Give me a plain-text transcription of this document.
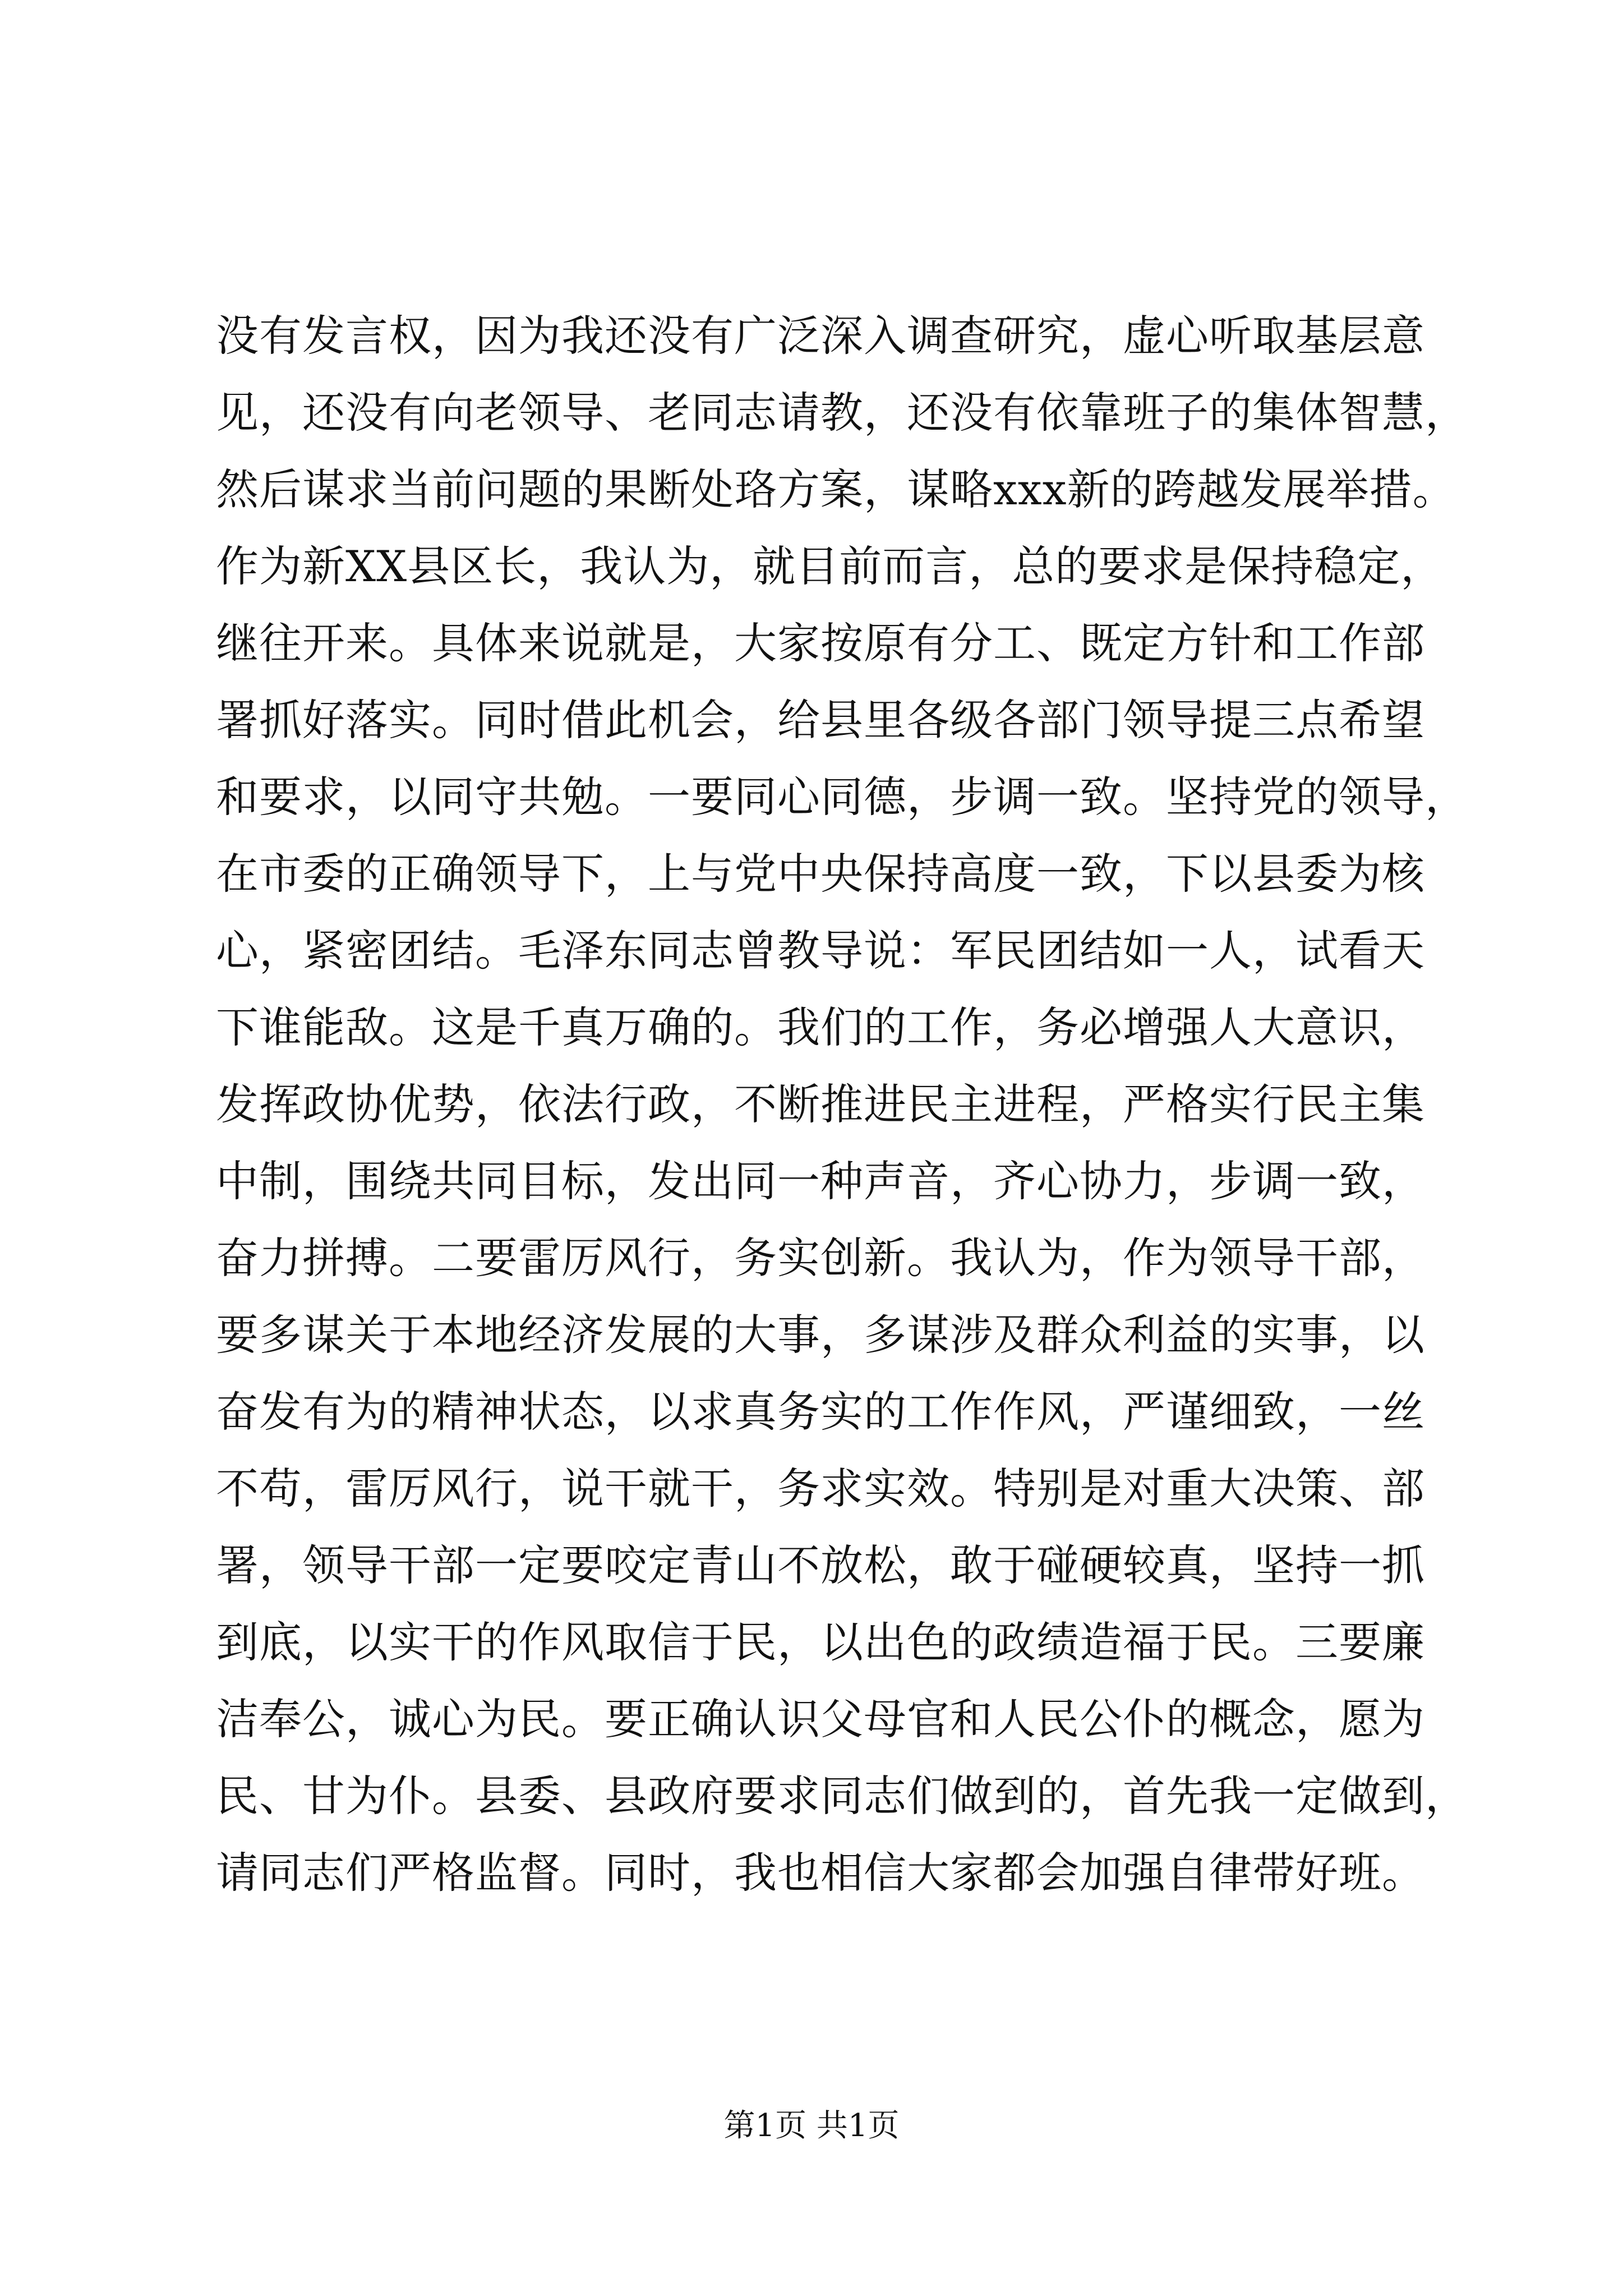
没有发言权，因为我还没有广泛深入调查研究，虚心听取基层意
见，还没有向老领导、老同志请教，还没有依靠班子的集体智慧，
然后谋求当前问题的果断处珞方案，谋略xxx新的跨越发展举措。
作为新XX县区长，我认为，就目前而言，总的要求是保持稳定，
继往开来。具体来说就是，大家按原有分工、既定方针和工作部
署抓好落实。同时借此机会，给县里各级各部门领导提三点希望
和要求，以同守共勉。一要同心同德，步调一致。坚持党的领导，
在市委的正确领导下，上与党中央保持高度一致，下以县委为核
心，紧密团结。毛泽东同志曾教导说：军民团结如一人，试看天
下谁能敌。这是千真万确的。我们的工作，务必增强人大意识，
发挥政协优势，依法行政，不断推进民主进程，严格实行民主集
中制，围绕共同目标，发出同一种声音，齐心协力，步调一致，
奋力拼搏。二要雷厉风行，务实创新。我认为，作为领导干部，
要多谋关于本地经济发展的大事，多谋涉及群众利益的实事，以
奋发有为的精神状态，以求真务实的工作作风，严谨细致，一丝
不苟，雷厉风行，说干就干，务求实效。特别是对重大决策、部
署，领导干部一定要咬定青山不放松，敢于碰硬较真，坚持一抓
到底，以实干的作风取信于民，以出色的政绩造福于民。三要廉
洁奉公，诚心为民。要正确认识父母官和人民公仆的概念，愿为
民、甘为仆。县委、县政府要求同志们做到的，首先我一定做到，
请同志们严格监督。同时，我也相信大家都会加强自律带好班。
第1页 共1页
